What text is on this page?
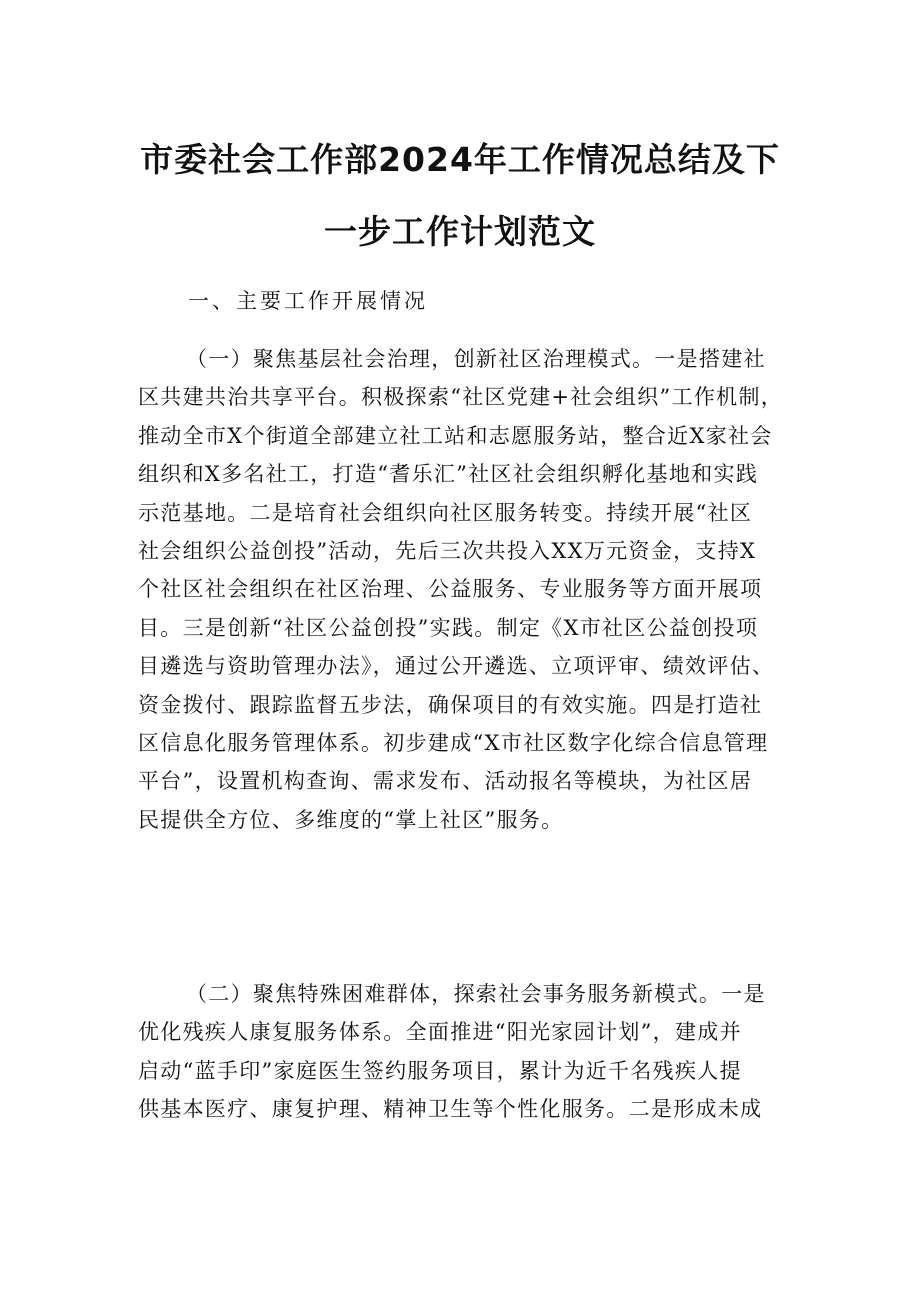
市委社会工作部2024年工作情况总结及下
一步工作计划范文
一、主要工作开展情况
（一）聚焦基层社会治理，创新社区治理模式。一是搭建社
区共建共治共享平台。积极探索“社区党建+社会组织”工作机制，
推动全市X个街道全部建立社工站和志愿服务站，整合近X家社会
组织和X多名社工，打造“耆乐汇”社区社会组织孵化基地和实践
示范基地。二是培育社会组织向社区服务转变。持续开展“社区
社会组织公益创投”活动，先后三次共投入XX万元资金，支持X
个社区社会组织在社区治理、公益服务、专业服务等方面开展项
目。三是创新“社区公益创投”实践。制定《X市社区公益创投项
目遴选与资助管理办法》，通过公开遴选、立项评审、绩效评估、
资金拨付、跟踪监督五步法，确保项目的有效实施。四是打造社
区信息化服务管理体系。初步建成“X市社区数字化综合信息管理
平台”，设置机构查询、需求发布、活动报名等模块，为社区居
民提供全方位、多维度的“掌上社区”服务。
（二）聚焦特殊困难群体，探索社会事务服务新模式。一是
优化残疾人康复服务体系。全面推进“阳光家园计划”，建成并
启动“蓝手印”家庭医生签约服务项目，累计为近千名残疾人提
供基本医疗、康复护理、精神卫生等个性化服务。二是形成未成
